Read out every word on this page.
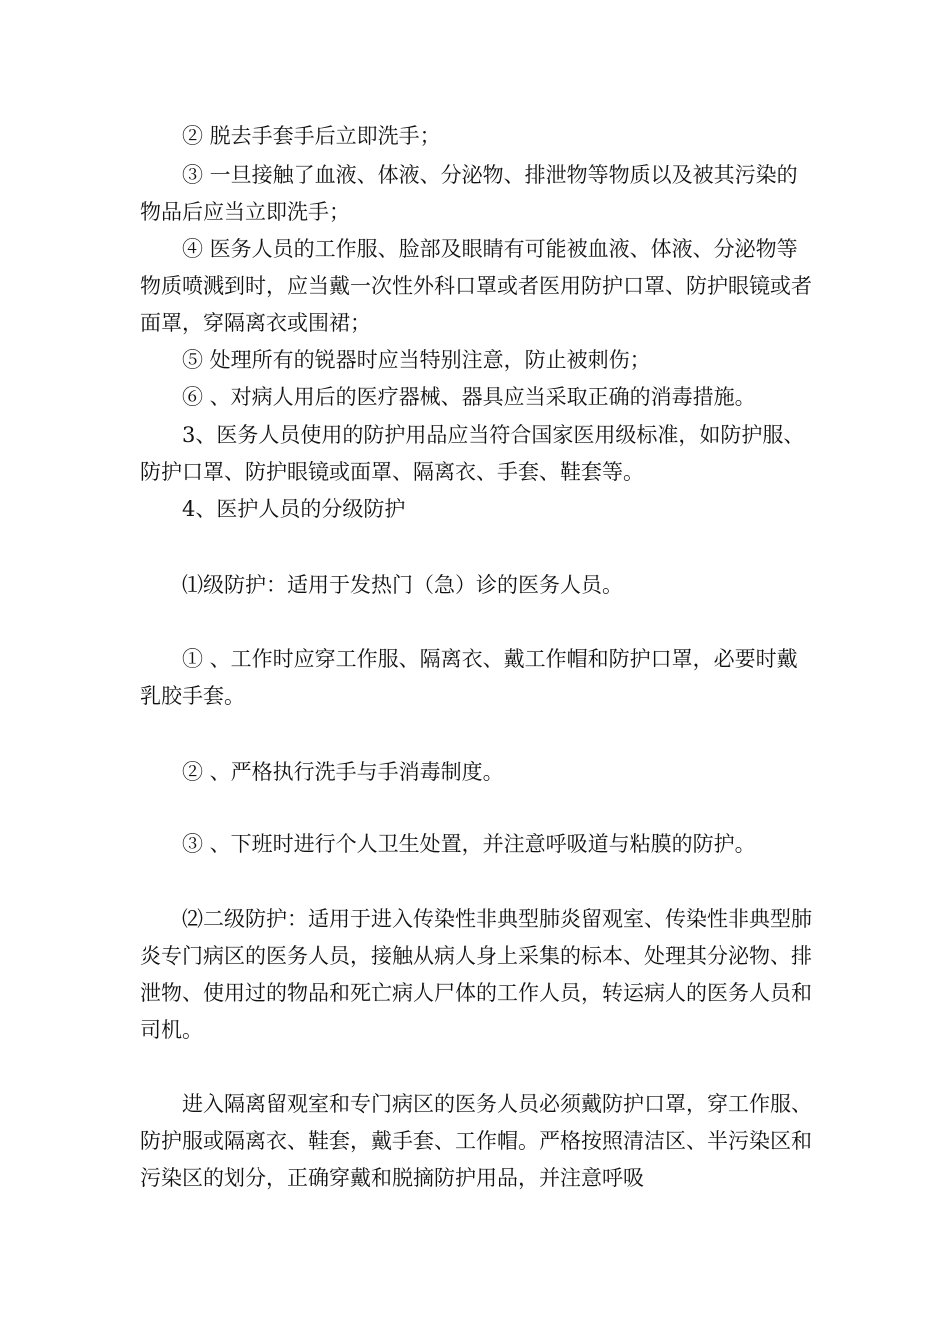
② 脱去手套手后立即洗手；

③ 一旦接触了血液、体液、分泌物、排泄物等物质以及被其污染的物品后应当立即洗手；

④ 医务人员的工作服、脸部及眼睛有可能被血液、体液、分泌物等物质喷溅到时，应当戴一次性外科口罩或者医用防护口罩、防护眼镜或者面罩，穿隔离衣或围裙；

⑤ 处理所有的锐器时应当特别注意，防止被刺伤；

⑥ 、对病人用后的医疗器械、器具应当采取正确的消毒措施。

3、医务人员使用的防护用品应当符合国家医用级标准，如防护服、防护口罩、防护眼镜或面罩、隔离衣、手套、鞋套等。

4、医护人员的分级防护

⑴级防护：适用于发热门（急）诊的医务人员。

① 、工作时应穿工作服、隔离衣、戴工作帽和防护口罩，必要时戴乳胶手套。

② 、严格执行洗手与手消毒制度。

③ 、下班时进行个人卫生处置，并注意呼吸道与粘膜的防护。

⑵二级防护：适用于进入传染性非典型肺炎留观室、传染性非典型肺炎专门病区的医务人员，接触从病人身上采集的标本、处理其分泌物、排泄物、使用过的物品和死亡病人尸体的工作人员，转运病人的医务人员和司机。

进入隔离留观室和专门病区的医务人员必须戴防护口罩，穿工作服、防护服或隔离衣、鞋套，戴手套、工作帽。严格按照清洁区、半污染区和污染区的划分，正确穿戴和脱摘防护用品，并注意呼吸
